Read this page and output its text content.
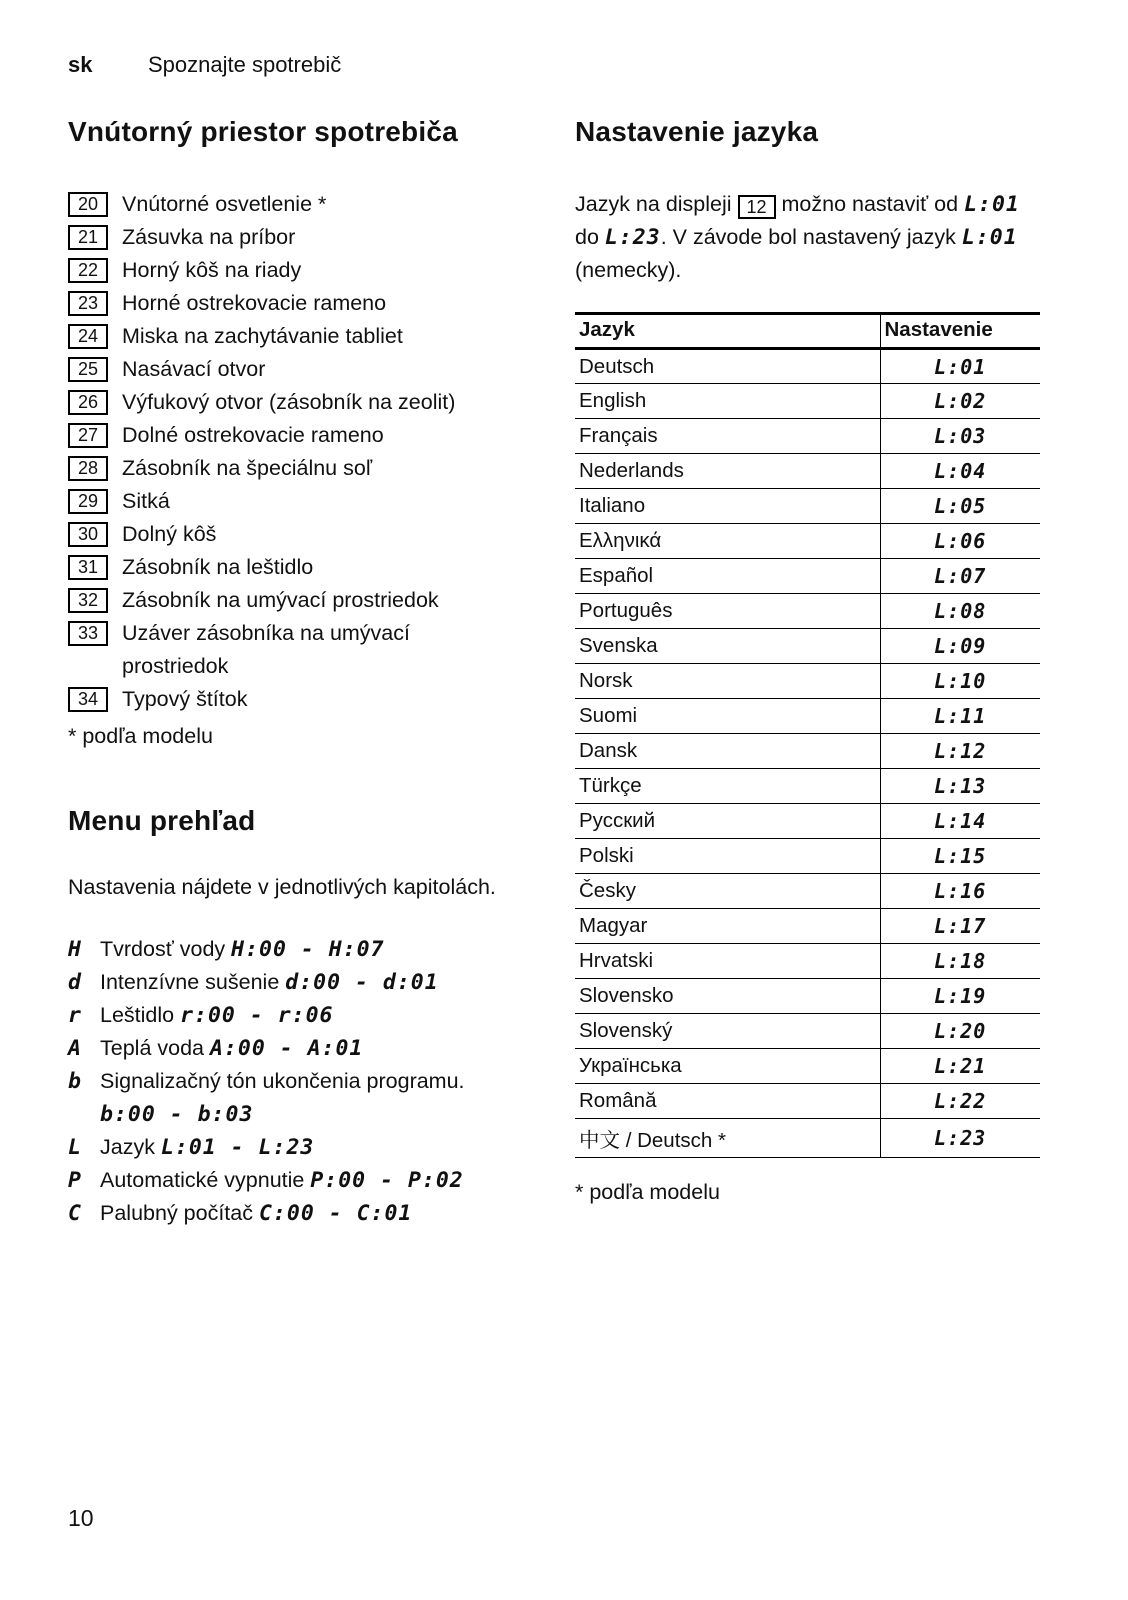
sk	Spoznajte spotrebič
Vnútorný priestor spotrebiča
20	Vnútorné osvetlenie *
21	Zásuvka na príbor
22	Horný kôš na riady
23	Horné ostrekovacie rameno
24	Miska na zachytávanie tabliet
25	Nasávací otvor
26	Výfukový otvor (zásobník na zeolit)
27	Dolné ostrekovacie rameno
28	Zásobník na špeciálnu soľ
29	Sitká
30	Dolný kôš
31	Zásobník na leštidlo
32	Zásobník na umývací prostriedok
33	Uzáver zásobníka na umývací prostriedok
34	Typový štítok
* podľa modelu
Menu prehľad

Nastavenia nájdete v jednotlivých kapitolách.

H Tvrdosť vody H:00 - H:07
d Intenzívne sušenie d:00 - d:01
r Leštidlo r:00 - r:06
A Teplá voda A:00 - A:01
b Signalizačný tón ukončenia programu. b:00 - b:03
L Jazyk L:01 - L:23
P Automatické vypnutie P:00 - P:02
C Palubný počítač C:00 - C:01
Nastavenie jazyka

Jazyk na displeji 12 možno nastaviť od L:01 do L:23. V závode bol nastavený jazyk L:01 (nemecky).

Jazyk	Nastavenie
Deutsch	L:01
English	L:02
Français	L:03
Nederlands	L:04
Italiano	L:05
Ελληνικά	L:06
Español	L:07
Português	L:08
Svenska	L:09
Norsk	L:10
Suomi	L:11
Dansk	L:12
Türkçe	L:13
Русский	L:14
Polski	L:15
Česky	L:16
Magyar	L:17
Hrvatski	L:18
Slovensko	L:19
Slovenský	L:20
Українська	L:21
Română	L:22
中文 / Deutsch *	L:23
* podľa modelu
10
